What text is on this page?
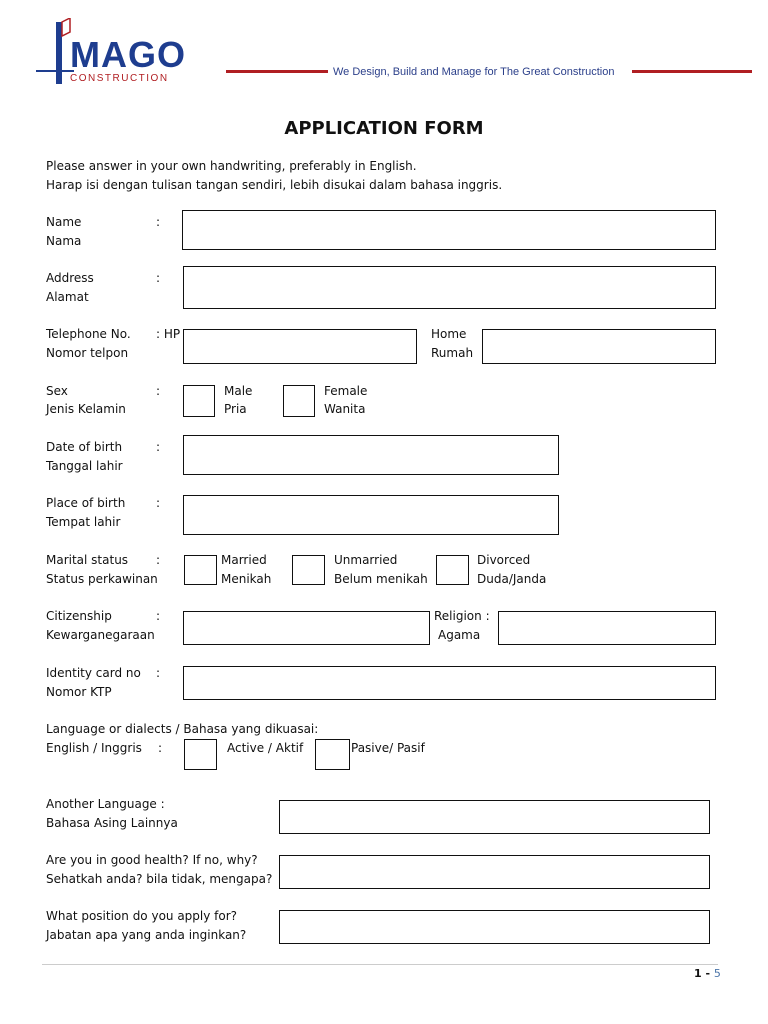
MAGO
CONSTRUCTION
We Design, Build and Manage for The Great Construction
APPLICATION FORM
Please answer in your own handwriting, preferably in English.
Harap isi dengan tulisan tangan sendiri, lebih disukai dalam bahasa inggris.
Name
Nama
:
Address
Alamat
:
Telephone No.
Nomor telpon
: HP	Home
Rumah
Sex
Jenis Kelamin
:	Male
Pria
Female
Wanita
Date of birth
Tanggal lahir
:
Place of birth
Tempat lahir
:
Marital status
Status perkawinan
:	Married
Menikah
Unmarried
Belum menikah
Divorced
Duda/Janda
Citizenship
Kewarganegaraan
:	Religion :
Agama
Identity card no
Nomor KTP
:
Language or dialects / Bahasa yang dikuasai:
English / Inggris :	Active / Aktif	Pasive/ Pasif
Another Language :
Bahasa Asing Lainnya
Are you in good health? If no, why?
Sehatkah anda? bila tidak, mengapa?
What position do you apply for?
Jabatan apa yang anda inginkan?
1 - 5
